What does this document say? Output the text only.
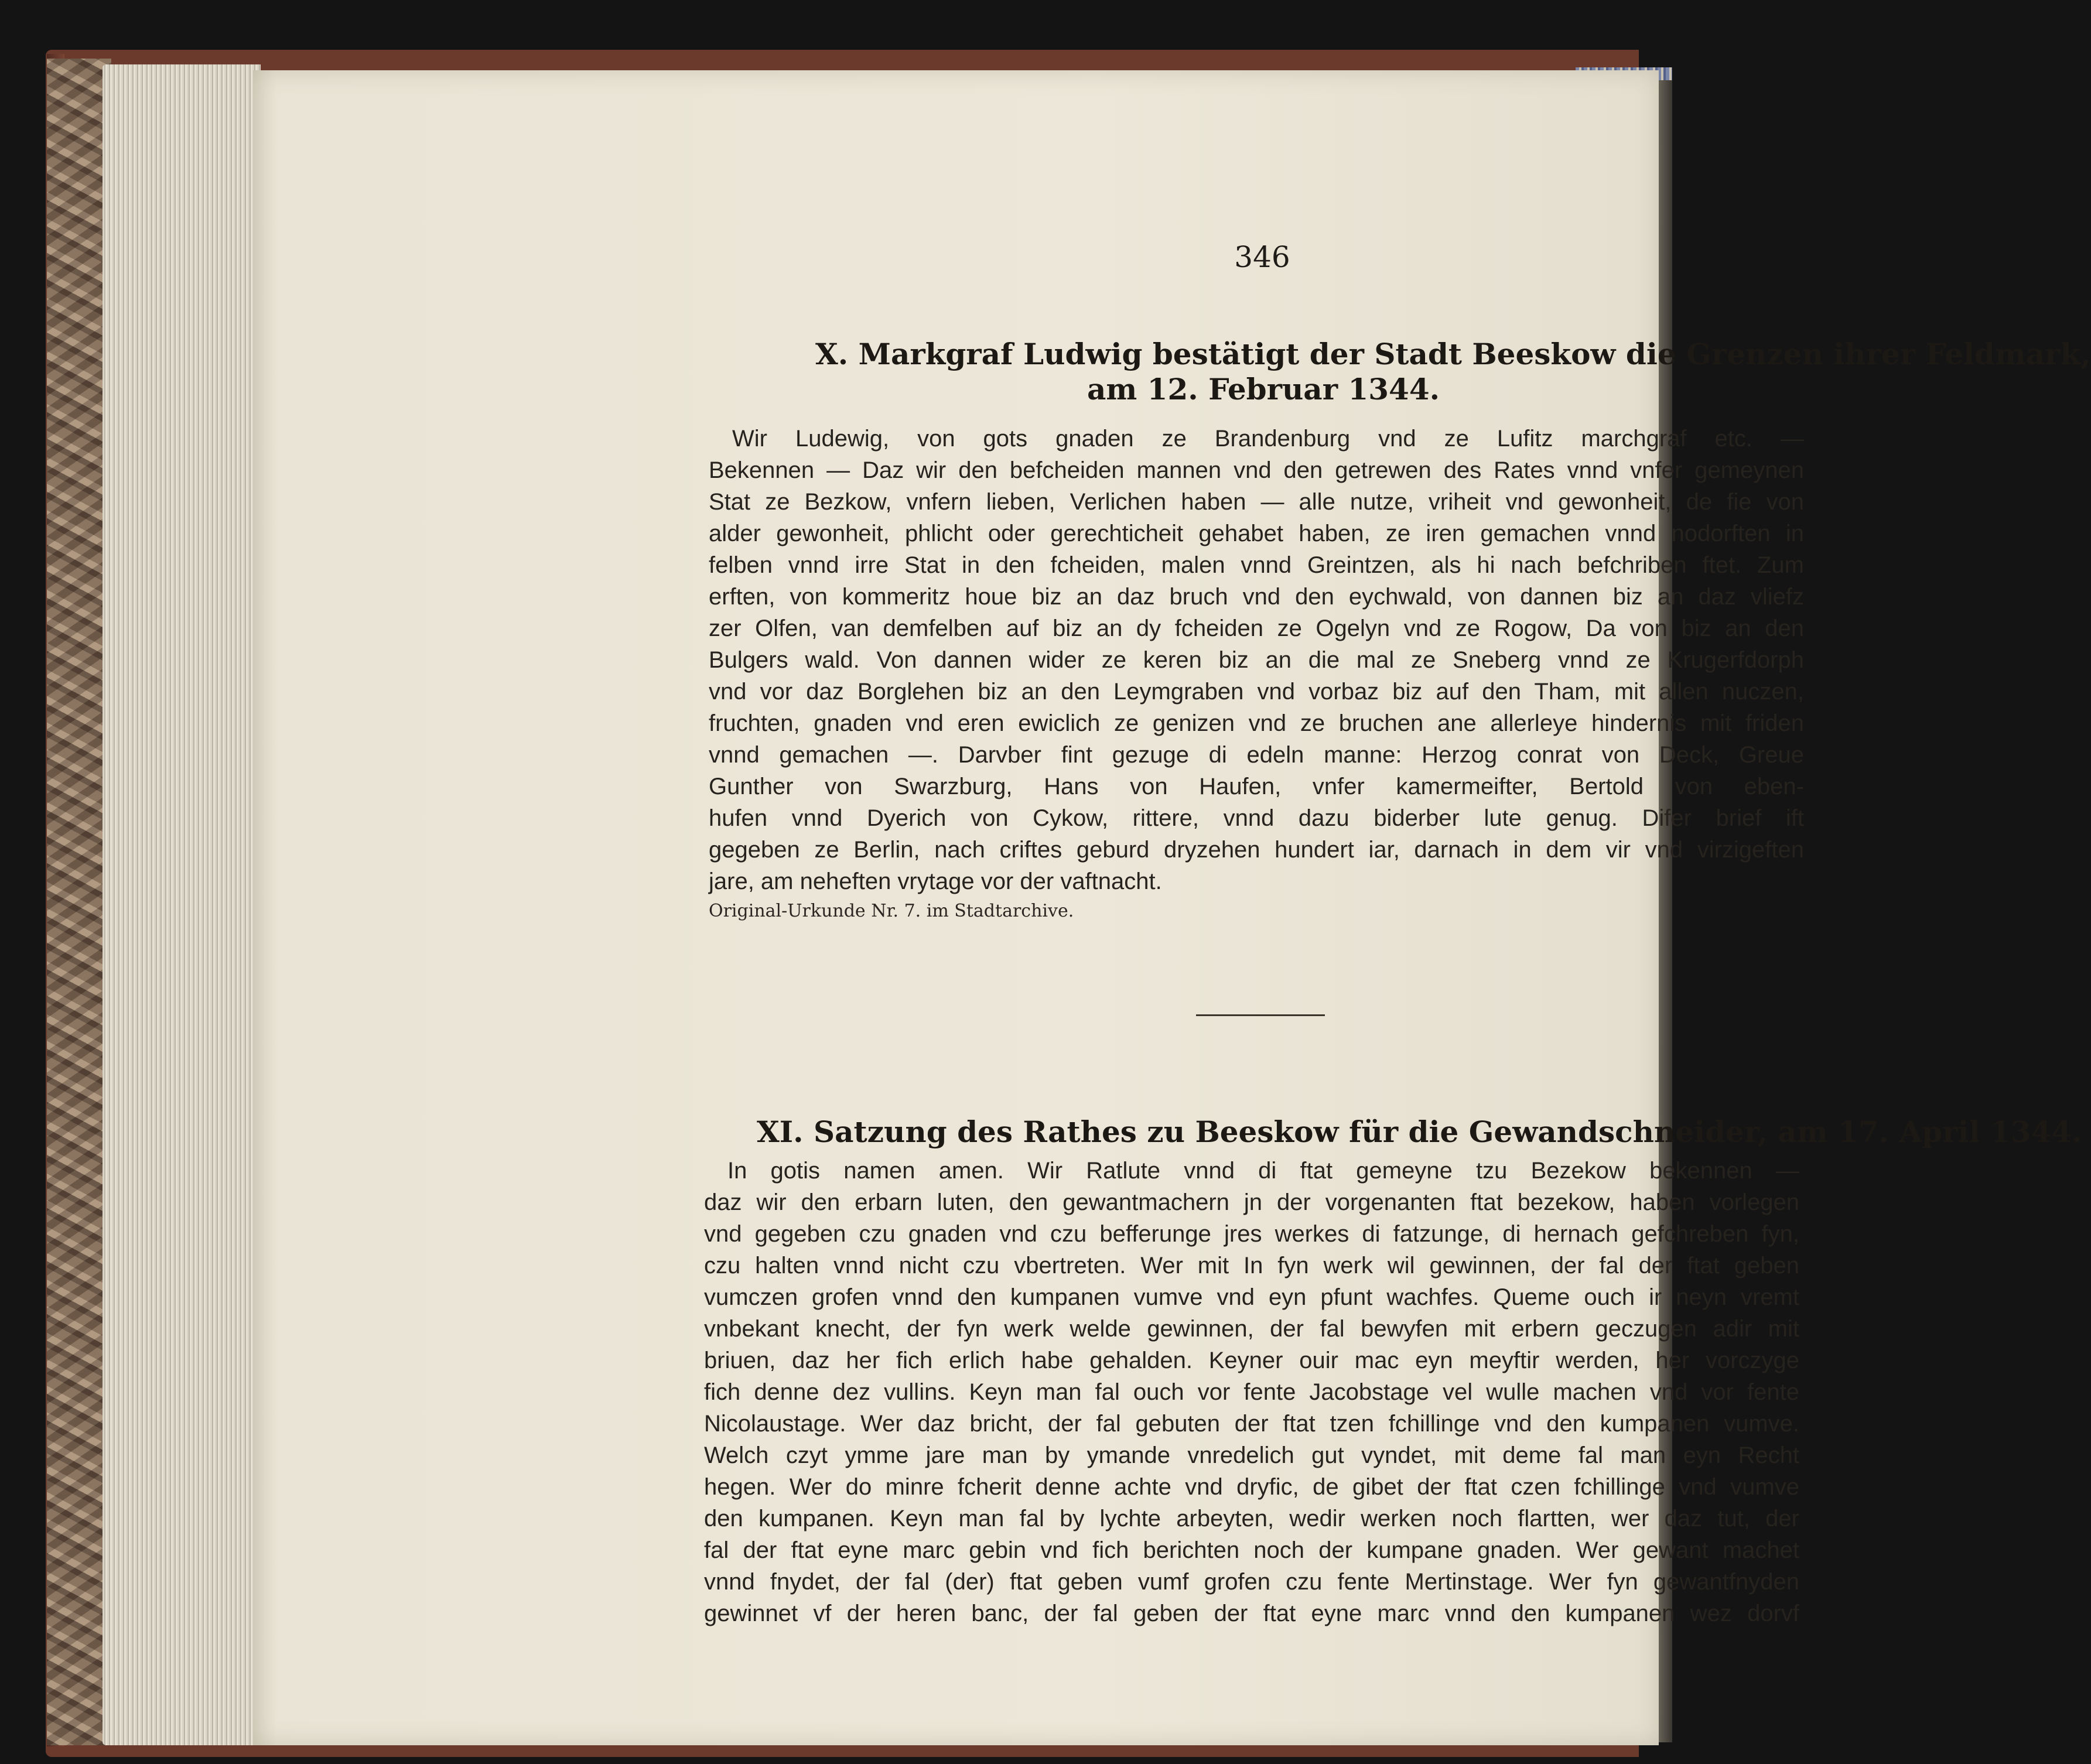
346
X. Markgraf Ludwig bestätigt der Stadt Beeskow die Grenzen ihrer Feldmark,
am 12. Februar 1344.
Wir Ludewig, von gots gnaden ze Brandenburg vnd ze Lufitz marchgraf etc. —
Bekennen — Daz wir den befcheiden mannen vnd den getrewen des Rates vnnd vnfer gemeynen
Stat ze Bezkow, vnfern lieben, Verlichen haben — alle nutze, vriheit vnd gewonheit, de fie von
alder gewonheit, phlicht oder gerechticheit gehabet haben, ze iren gemachen vnnd nodorften in
felben vnnd irre Stat in den fcheiden, malen vnnd Greintzen, als hi nach befchriben ftet. Zum
erften, von kommeritz houe biz an daz bruch vnd den eychwald, von dannen biz an daz vliefz
zer Olfen, van demfelben auf biz an dy fcheiden ze Ogelyn vnd ze Rogow, Da von biz an den
Bulgers wald. Von dannen wider ze keren biz an die mal ze Sneberg vnnd ze Krugerfdorph
vnd vor daz Borglehen biz an den Leymgraben vnd vorbaz biz auf den Tham, mit allen nuczen,
fruchten, gnaden vnd eren ewiclich ze genizen vnd ze bruchen ane allerleye hindernis mit friden
vnnd gemachen —. Darvber fint gezuge di edeln manne: Herzog conrat von Deck, Greue
Gunther von Swarzburg, Hans von Haufen, vnfer kamermeifter, Bertold von eben-
hufen vnnd Dyerich von Cykow, rittere, vnnd dazu biderber lute genug. Difer brief ift
gegeben ze Berlin, nach criftes geburd dryzehen hundert iar, darnach in dem vir vnd virzigeften
jare, am neheften vrytage vor der vaftnacht.
Original-Urkunde Nr. 7. im Stadtarchive.
XI. Satzung des Rathes zu Beeskow für die Gewandschneider, am 17. April 1344.
In gotis namen amen. Wir Ratlute vnnd di ftat gemeyne tzu Bezekow bekennen —
daz wir den erbarn luten, den gewantmachern jn der vorgenanten ftat bezekow, haben vorlegen
vnd gegeben czu gnaden vnd czu befferunge jres werkes di fatzunge, di hernach gefchreben fyn,
czu halten vnnd nicht czu vbertreten. Wer mit In fyn werk wil gewinnen, der fal der ftat geben
vumczen grofen vnnd den kumpanen vumve vnd eyn pfunt wachfes. Queme ouch ir neyn vremt
vnbekant knecht, der fyn werk welde gewinnen, der fal bewyfen mit erbern geczugen adir mit
briuen, daz her fich erlich habe gehalden. Keyner ouir mac eyn meyftir werden, her vorczyge
fich denne dez vullins. Keyn man fal ouch vor fente Jacobstage vel wulle machen vnd vor fente
Nicolaustage. Wer daz bricht, der fal gebuten der ftat tzen fchillinge vnd den kumpanen vumve.
Welch czyt ymme jare man by ymande vnredelich gut vyndet, mit deme fal man eyn Recht
hegen. Wer do minre fcherit denne achte vnd dryfic, de gibet der ftat czen fchillinge vnd vumve
den kumpanen. Keyn man fal by lychte arbeyten, wedir werken noch flartten, wer daz tut, der
fal der ftat eyne marc gebin vnd fich berichten noch der kumpane gnaden. Wer gewant machet
vnnd fnydet, der fal (der) ftat geben vumf grofen czu fente Mertinstage. Wer fyn gewantfnyden
gewinnet vf der heren banc, der fal geben der ftat eyne marc vnnd den kumpanen wez dorvf
